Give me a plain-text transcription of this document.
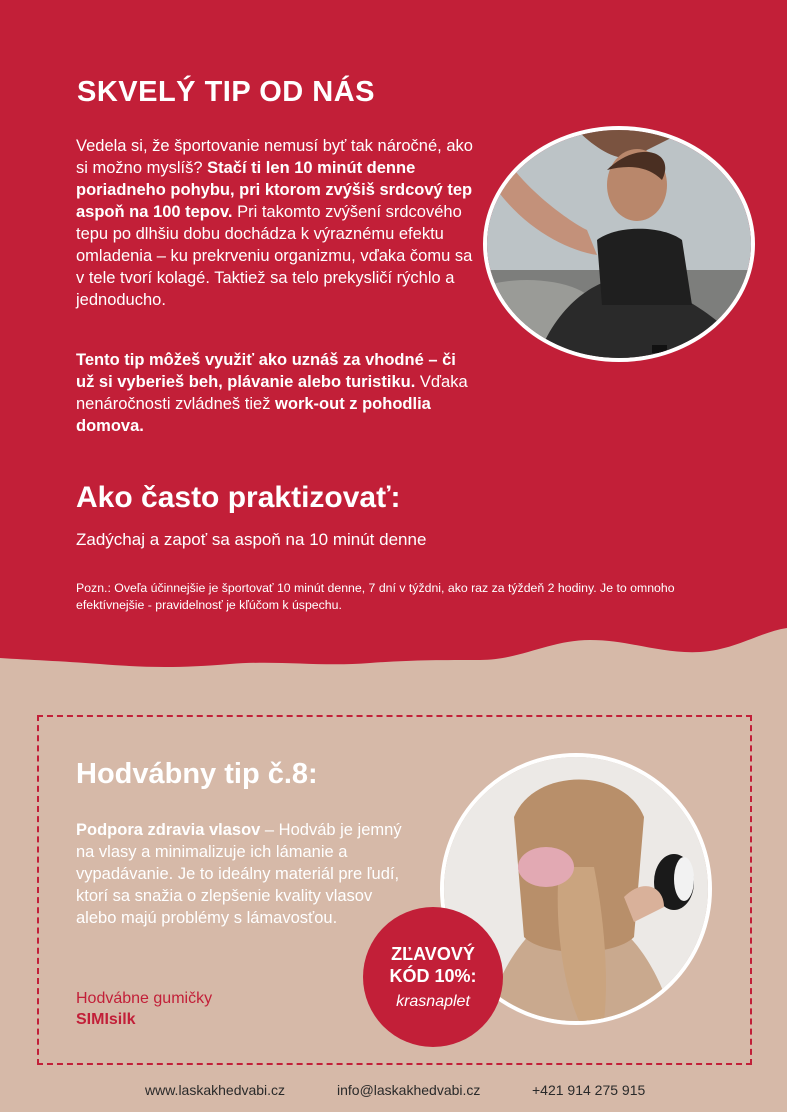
SKVELÝ TIP OD NÁS

Vedela si, že športovanie nemusí byť tak náročné, ako si možno myslíš? Stačí ti len 10 minút denne poriadneho pohybu, pri ktorom zvýšiš srdcový tep aspoň na 100 tepov. Pri takomto zvýšení srdcového tepu po dlhšiu dobu dochádza k výraznému efektu omladenia – ku prekrveniu organizmu, vďaka čomu sa v tele tvorí kolagé. Taktiež sa telo prekysličí rýchlo a jednoducho.

Tento tip môžeš využiť ako uznáš za vhodné – či už si vyberieš beh, plávanie alebo turistiku. Vďaka nenáročnosti zvládneš tiež work-out z pohodlia domova.

Ako často praktizovať:
Zadýchaj a zapoť sa aspoň na 10 minút denne

Pozn.: Oveľa účinnejšie je športovať 10 minút denne, 7 dní v týždni, ako raz za týždeň 2 hodiny. Je to omnoho efektívnejšie - pravidelnosť je kľúčom k úspechu.

Hodvábny tip č.8:

Podpora zdravia vlasov – Hodváb je jemný na vlasy a minimalizuje ich lámanie a vypadávanie. Je to ideálny materiál pre ľudí, ktorí sa snažia o zlepšenie kvality vlasov alebo majú problémy s lámavosťou.

ZĽAVOVÝ
KÓD 10%:
krasnaplet
Hodvábne gumičky
SIMIsilk
www.laskakhedvabi.cz	info@laskakhedvabi.cz	+421 914 275 915
